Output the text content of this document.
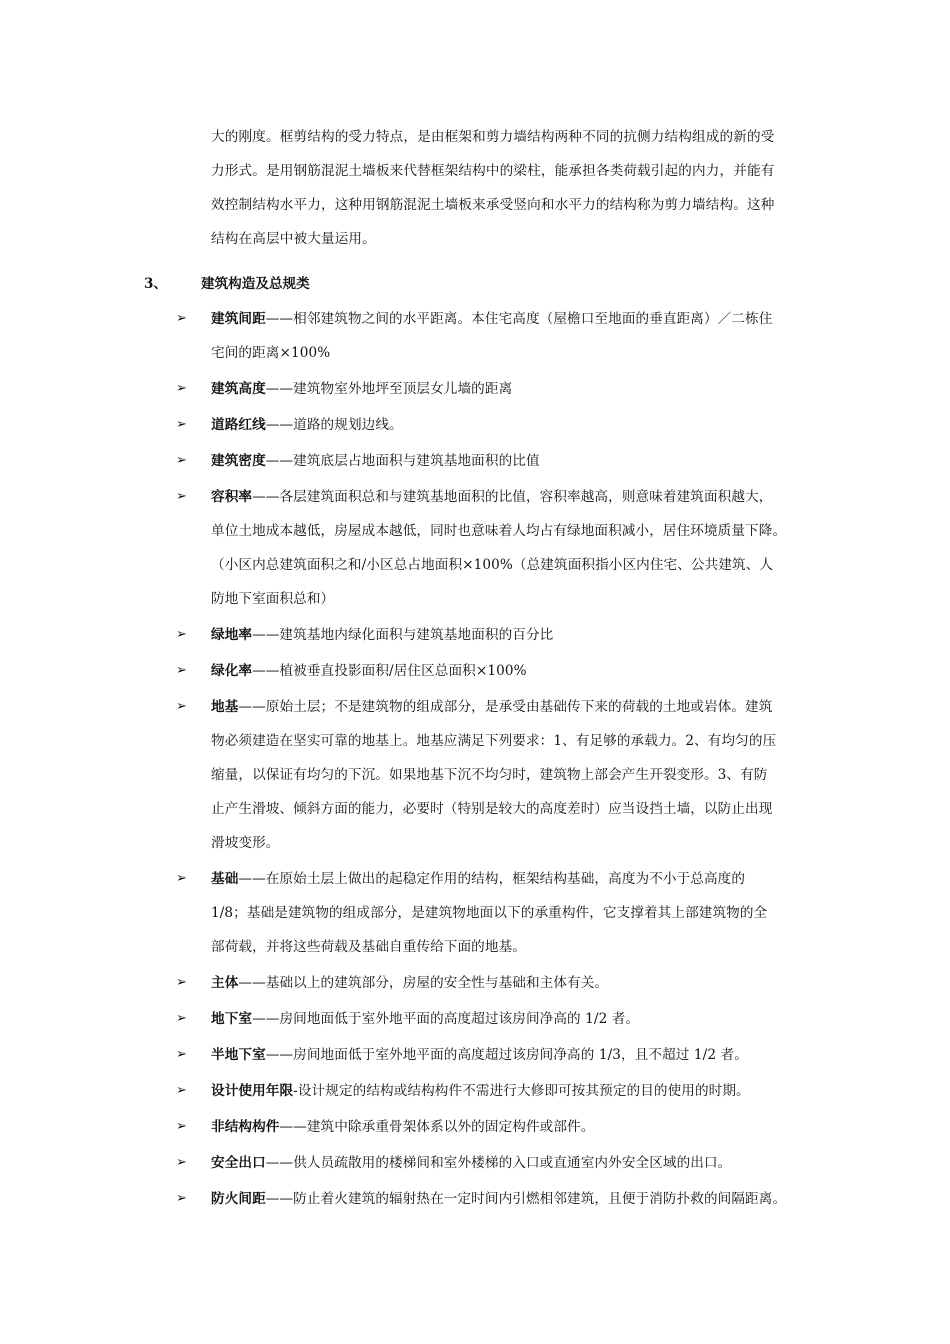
大的刚度。框剪结构的受力特点，是由框架和剪力墙结构两种不同的抗侧力结构组成的新的受

力形式。是用钢筋混泥土墙板来代替框架结构中的梁柱，能承担各类荷载引起的内力，并能有

效控制结构水平力，这种用钢筋混泥土墙板来承受竖向和水平力的结构称为剪力墙结构。这种

结构在高层中被大量运用。

3、 建筑构造及总规类
➢	建筑间距——相邻建筑物之间的水平距离。本住宅高度（屋檐口至地面的垂直距离）／二栋住

宅间的距离×100%

➢	建筑高度——建筑物室外地坪至顶层女儿墙的距离

➢	道路红线——道路的规划边线。

➢	建筑密度——建筑底层占地面积与建筑基地面积的比值

➢	容积率——各层建筑面积总和与建筑基地面积的比值，容积率越高，则意味着建筑面积越大，

单位土地成本越低，房屋成本越低，同时也意味着人均占有绿地面积减小，居住环境质量下降。

（小区内总建筑面积之和/小区总占地面积×100%（总建筑面积指小区内住宅、公共建筑、人

防地下室面积总和）

➢	绿地率——建筑基地内绿化面积与建筑基地面积的百分比

➢	绿化率——植被垂直投影面积/居住区总面积×100%

➢	地基——原始土层；不是建筑物的组成部分，是承受由基础传下来的荷载的土地或岩体。建筑

物必须建造在坚实可靠的地基上。地基应满足下列要求：1、有足够的承载力。2、有均匀的压

缩量，以保证有均匀的下沉。如果地基下沉不均匀时，建筑物上部会产生开裂变形。3、有防

止产生滑坡、倾斜方面的能力，必要时（特别是较大的高度差时）应当设挡土墙，以防止出现

滑坡变形。

➢	基础——在原始土层上做出的起稳定作用的结构，框架结构基础，高度为不小于总高度的

1/8；基础是建筑物的组成部分，是建筑物地面以下的承重构件，它支撑着其上部建筑物的全

部荷载，并将这些荷载及基础自重传给下面的地基。

➢	主体——基础以上的建筑部分，房屋的安全性与基础和主体有关。

➢	地下室——房间地面低于室外地平面的高度超过该房间净高的 1/2 者。

➢	半地下室——房间地面低于室外地平面的高度超过该房间净高的 1/3，且不超过 1/2 者。

➢	设计使用年限-设计规定的结构或结构构件不需进行大修即可按其预定的目的使用的时期。

➢	非结构构件——建筑中除承重骨架体系以外的固定构件或部件。

➢	安全出口——供人员疏散用的楼梯间和室外楼梯的入口或直通室内外安全区域的出口。

➢	防火间距——防止着火建筑的辐射热在一定时间内引燃相邻建筑，且便于消防扑救的间隔距离。
